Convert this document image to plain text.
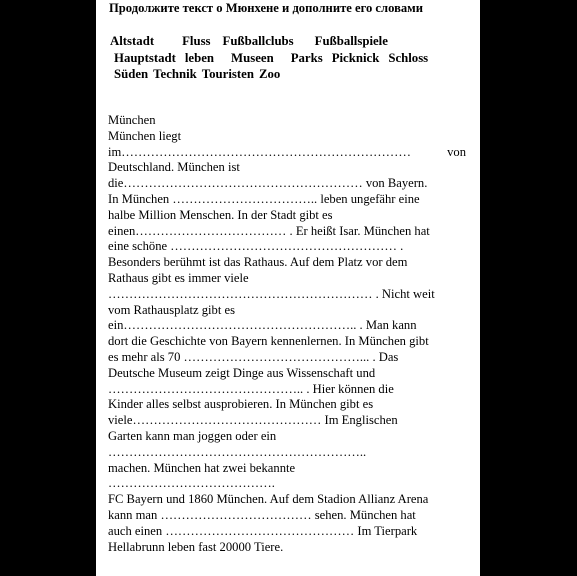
Продолжите текст о Мюнхене и дополните его словами
Altstadt Fluss Fußballclubs Fußballspiele
Hauptstadt leben Museen Parks Picknick Schloss
Süden Technik Touristen Zoo
München
München liegt
im……………………………………………………………	von
Deutschland. München ist
die………………………………………………… von Bayern.
In München …………………………….. leben ungefähr eine
halbe Million Menschen. In der Stadt gibt es
einen……………………………… . Er heißt Isar. München hat
eine schöne ……………………………………………… .
Besonders berühmt ist das Rathaus. Auf dem Platz vor dem
Rathaus gibt es immer viele
……………………………………………………… . Nicht weit
vom Rathausplatz gibt es
ein……………………………………………….. . Man kann
dort die Geschichte von Bayern kennenlernen. In München gibt
es mehr als 70 ……………………………………... . Das
Deutsche Museum zeigt Dinge aus Wissenschaft und
……………………………………….. . Hier können die
Kinder alles selbst ausprobieren. In München gibt es
viele……………………………………… Im Englischen
Garten kann man joggen oder ein
……………………………………………………..
machen. München hat zwei bekannte
………………………………….
FC Bayern und 1860 München. Auf dem Stadion Allianz Arena
kann man ……………………………… sehen. München hat
auch einen ……………………………………… Im Tierpark
Hellabrunn leben fast 20000 Tiere.
